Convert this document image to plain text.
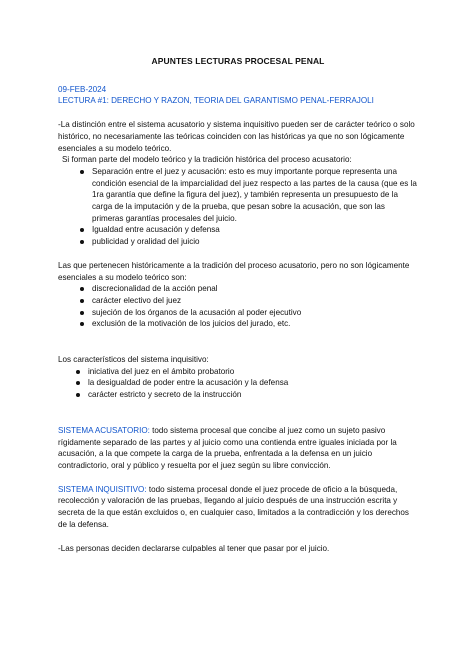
APUNTES LECTURAS PROCESAL PENAL

09-FEB-2024

LECTURA #1: DERECHO Y RAZON, TEORIA DEL GARANTISMO PENAL-FERRAJOLI

-La distinción entre el sistema acusatorio y sistema inquisitivo pueden ser de carácter teórico o solo histórico, no necesariamente las teóricas coinciden con las históricas ya que no son lógicamente esenciales a su modelo teórico.

Si forman parte del modelo teórico y la tradición histórica del proceso acusatorio:

Separación entre el juez y acusación: esto es muy importante porque representa una condición esencial de la imparcialidad del juez respecto a las partes de la causa (que es la 1ra garantía que define la figura del juez), y también representa un presupuesto de la carga de la imputación y de la prueba, que pesan sobre la acusación, que son las primeras garantías procesales del juicio.
Igualdad entre acusación y defensa
publicidad y oralidad del juicio

Las que pertenecen históricamente a la tradición del proceso acusatorio, pero no son lógicamente esenciales a su modelo teórico son:

discrecionalidad de la acción penal
carácter electivo del juez
sujeción de los órganos de la acusación al poder ejecutivo
exclusión de la motivación de los juicios del jurado, etc.

Los característicos del sistema inquisitivo:

iniciativa del juez en el ámbito probatorio
la desigualdad de poder entre la acusación y la defensa
carácter estricto y secreto de la instrucción

SISTEMA ACUSATORIO: todo sistema procesal que concibe al juez como un sujeto pasivo rígidamente separado de las partes y al juicio como una contienda entre iguales iniciada por la acusación, a la que compete la carga de la prueba, enfrentada a la defensa en un juicio contradictorio, oral y público y resuelta por el juez según su libre convicción.

SISTEMA INQUISITIVO: todo sistema procesal donde el juez procede de oficio a la búsqueda, recolección y valoración de las pruebas, llegando al juicio después de una instrucción escrita y secreta de la que están excluidos o, en cualquier caso, limitados a la contradicción y los derechos de la defensa.

-Las personas deciden declararse culpables al tener que pasar por el juicio.
